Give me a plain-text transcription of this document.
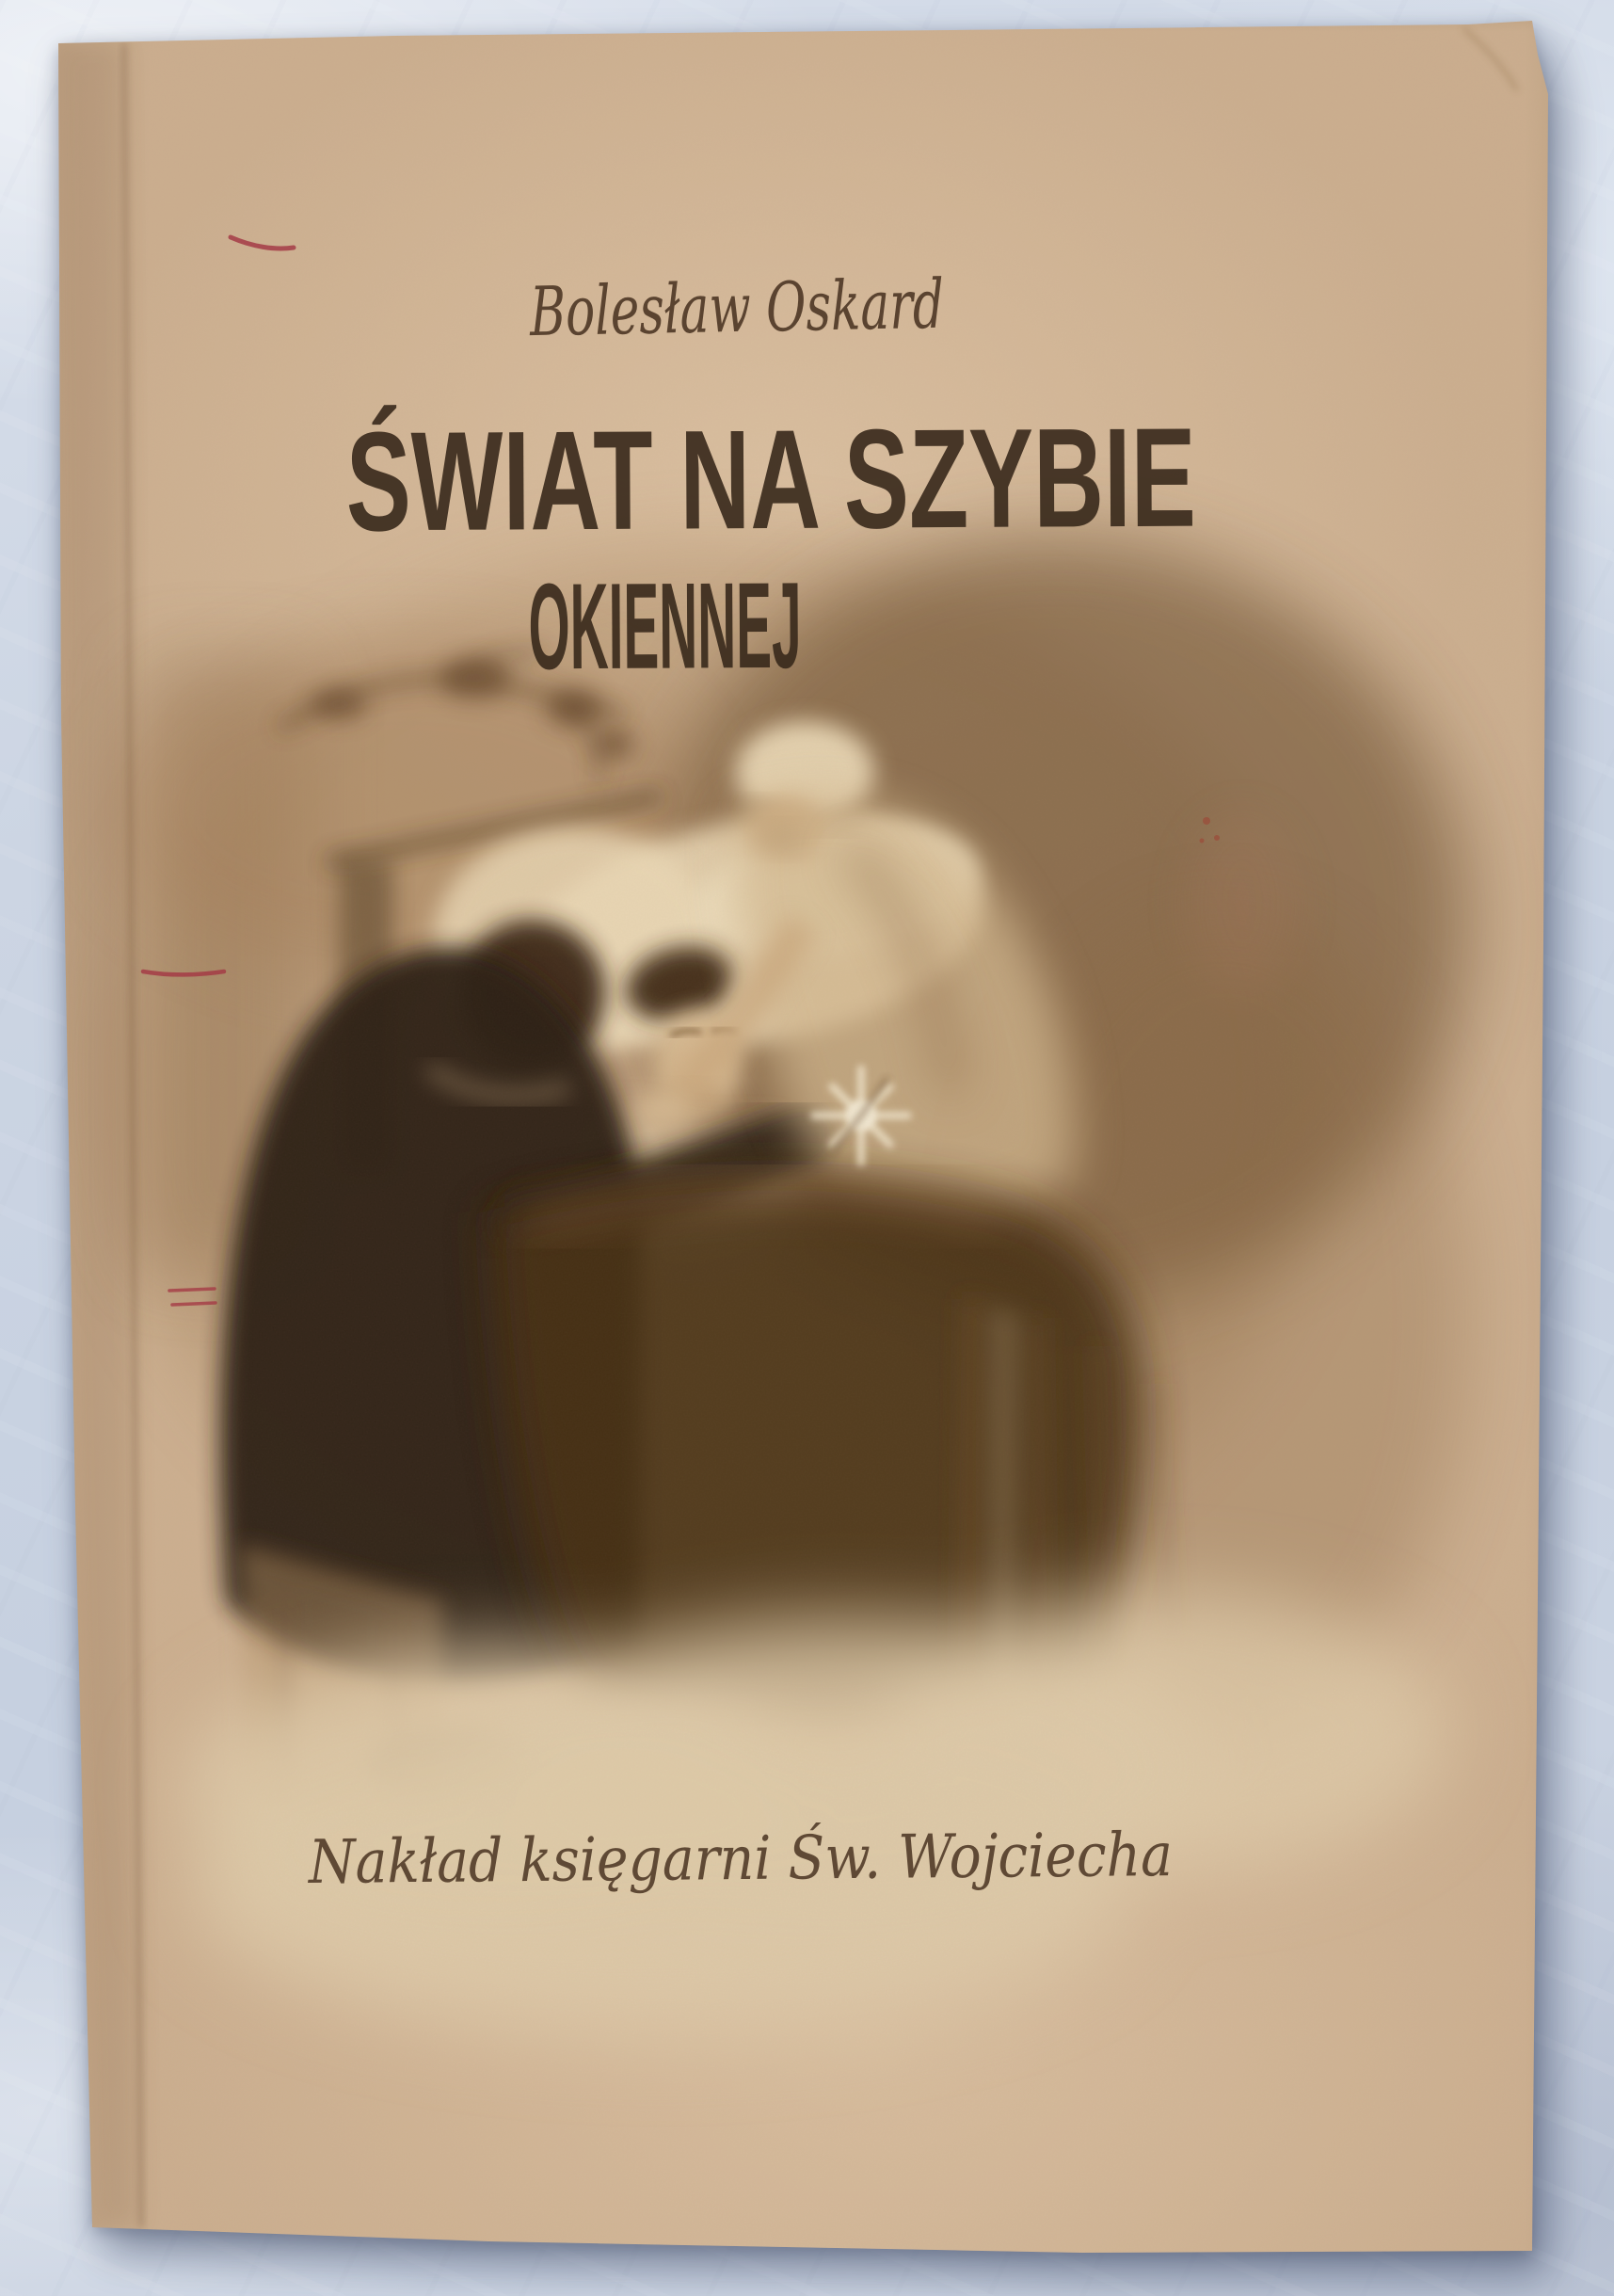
Bolesław Oskard
ŚWIAT NA SZYBIE
Nakład księgarni Św. Wojciecha
